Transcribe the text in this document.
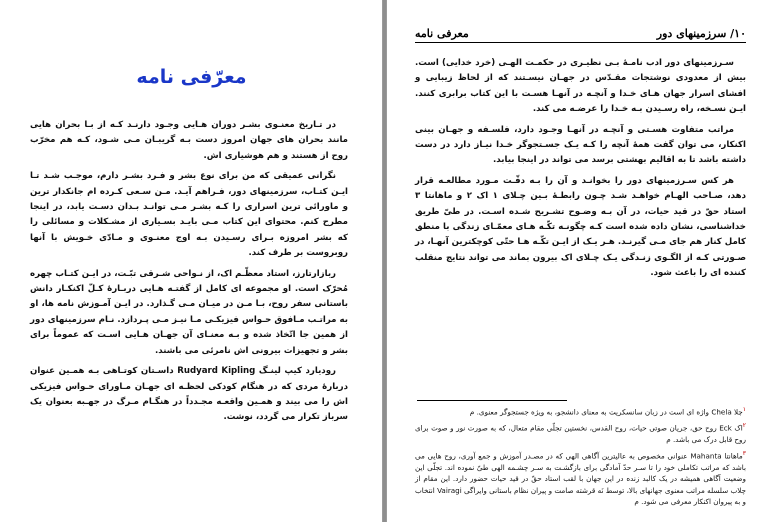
معرّفی نامه

در تـاریخ معنـوی بشـر دوران هـایی وجـود دارنـد کـه از بـا بحران هایی مانند بحران های جهان امروز دست بـه گریبـان مـی شـود، کـه هم مخرّب روح از هستند و هم هوشیاری اش.

نگرانی عمیقی که من برای نوع بشر و فـرد بشـر دارم، موجـب شـد تـا ایـن کتـاب، سرزمینهای دور، فـراهم آیـد. مـن سـعی کـرده ام جانکدار ترین و ماورائی ترین اسراری را کـه بشـر مـی توانـد بـدان دسـت یابد، در اینجا مطرح کنم. محتوای این کتاب مـی بایـد بسـیاری از مشـکلات و مسائلی را که بشر امروزه بـرای رسـیدن بـه اوج معنـوی و مـادّی خـویش با آنها روبروست بر طرف کند.

ربازارتارز، استاد معظّـم اک، از نـواحی شـرقی تبّـت، در ایـن کتـاب چهره مُحرّک است. او مجموعه ای کامل از گفتـه هـایی دربـارهٔ کـلّ اکنکـار دانش باستانی سفر روح، بـا مـن در میـان مـی گـذارد. در ایـن آمـوزش نامه ها، او به مراتـب مـافوق حـواس فیزیکـی مـا نیـز مـی پـردازد. نـام سرزمینهای دور از همین جا اتّخاذ شده و بـه معنـای آن جهـان هـایی اسـت که عموماً برای بشر و تجهیزات بیرونی اش نامرئی می باشند.

روديارد کيپ لينـگ Rudyard Kipling داسـتان کوتـاهی بـه همـین عنوان دربارهٔ مردی که در هنگام کودکی لحظـه ای جهـان مـاورای حـواس فیزیکی اش را می بیند و همـین واقعـه مجـدداً در هنگـام مـرگ در جهـبه بعنوان یک سرباز تکرار می گردد، نوشت.

۱۰/ سرزمینهای دور
معرفی نامه

سـرزمینهای دور ادب نامـهٔ بـی نظیـری در حکمـت الهـی (خرد خدایی) است. بیش از معدودی نوشتجات مقـدّس در جهـان نیسـتند که از لحاظ زیبایی و افشای اسرار جهان هـای خـدا و آنچـه در آنهـا هسـت با این کتاب برابری کنند. ایـن نسـخه، راه رسـیدن بـه خـدا را عرضـه می کند.

مراتب متفاوت هسـتی و آنچـه در آنهـا وجـود دارد، فلسـفه و جهـان بینی اکنکار، می توان گفت همهٔ آنچه را کـه یـک جسـتجوگر خـدا نیـاز دارد در دست داشته باشد تا به اقالیم بهشتی برسد می تواند در اینجا بیابد.

هر کس سـرزمینهای دور را بخوانـد و آن را بـه دقّـت مـورد مطالعـه قرار دهد، صـاحب الهـام خواهـد شـد چـون رابطـهٔ بـین چـلای ۱ اک ۲ و ماهانتا ۳ استاد حقّ در قید حیات، در آن بـه وضـوح تشـریح شـده اسـت. در طیّ طریق خداشناسی، نشان داده شده است کـه چگونـه تکّـه هـای معمّـای زندگی با منطق کامل کنار هم جای مـی گیرنـد. هـر یـک از ایـن تکّـه هـا حتّی کوچکترین آنهـا، در صـورتی کـه از الگـوی زنـدگی یـک چـلای اک بیرون بماند می تواند نتایج منقلب کننده ای را باعث شود.

$^۱$چلا Chela واژه ای است در زبان سانسکریت به معنای دانشجو، به ویژه جستجوگر معنوی. م

$^۲$اک Eck روح حق، جریان صوتی حیات، روح القدس، نخستین تجلّی مقام متعال، که به صورت نور و صوت برای روح قابل درک می باشد. م

$^۳$ماهانتا Mahanta عنوانی مخصوص به عالیترین آگاهی الهی که در مصـدر آموزش و جمع آوری، روح هایی می باشد که مراتب تکاملی خود را تا سـر حدّ آمادگی برای بازگشـت به سـر چشـمه الهی طیّ نموده اند. تجلّی این وضعیت آگاهی همیشه در یک کالبد زنده در این جهان با لقب استاد حقّ در قید حیات حضور دارد. این مقام از چلاب سلسله مراتب معنوی جهانهای بالا، توسط نَه قرشته صامت و پیران نظام باستانی وایراگی Vairagi انتخاب و به پیروان اکنکار معرفی می شود. م
